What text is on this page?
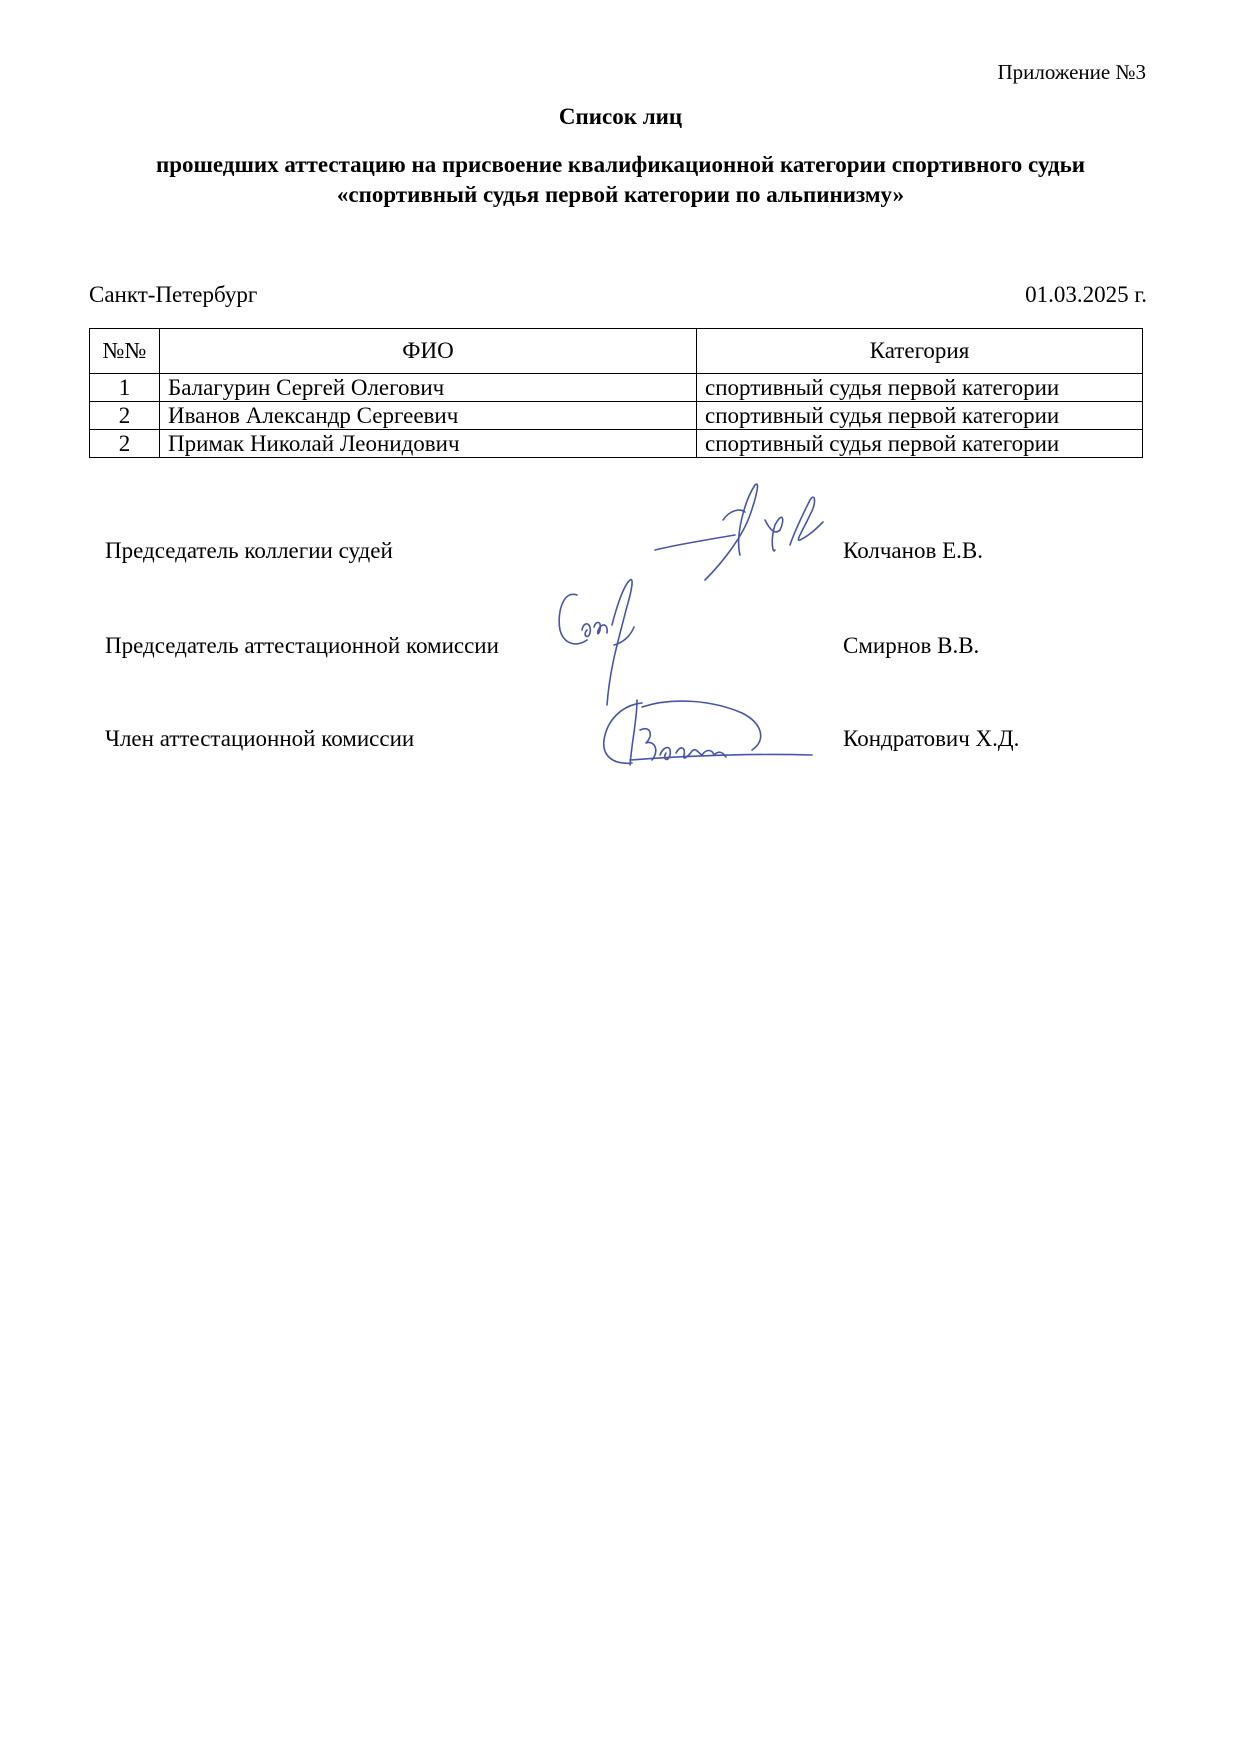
Приложение №3
Список лиц
прошедших аттестацию на присвоение квалификационной категории спортивного судьи
«спортивный судья первой категории по альпинизму»
Санкт-Петербург	01.03.2025 г.
№№	ФИО	Категория
1	Балагурин Сергей Олегович	спортивный судья первой категории
2	Иванов Александр Сергеевич	спортивный судья первой категории
2	Примак Николай Леонидович	спортивный судья первой категории
Председатель коллегии судей	Колчанов Е.В.
Председатель аттестационной комиссии	Смирнов В.В.
Член аттестационной комиссии	Кондратович Х.Д.
